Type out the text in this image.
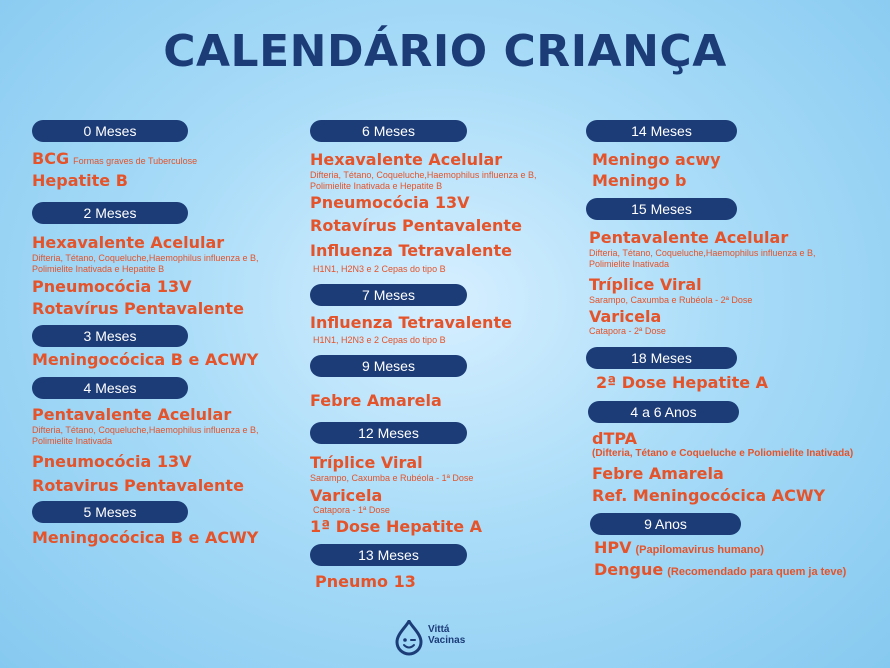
CALENDÁRIO CRIANÇA
0 Meses
BCG Formas graves de Tuberculose
Hepatite B
2 Meses
Hexavalente Acelular
Difteria, Tétano, Coqueluche,Haemophilus influenza e B,
Polimielite Inativada e Hepatite B
Pneumocócia 13V
Rotavírus Pentavalente
3 Meses
Meningocócica B e ACWY
4 Meses
Pentavalente Acelular
Difteria, Tétano, Coqueluche,Haemophilus influenza e B,
Polimielite Inativada
Pneumocócia 13V
Rotavirus Pentavalente
5 Meses
Meningocócica B e ACWY
6 Meses
Hexavalente Acelular
Difteria, Tétano, Coqueluche,Haemophilus influenza e B,
Polimielite Inativada e Hepatite B
Pneumocócia 13V
Rotavírus Pentavalente
Influenza Tetravalente
H1N1, H2N3 e 2 Cepas do tipo B
7 Meses
Influenza Tetravalente
H1N1, H2N3 e 2 Cepas do tipo B
9 Meses
Febre Amarela
12 Meses
Tríplice Viral
Sarampo, Caxumba e Rubéola - 1ª Dose
Varicela
Catapora - 1ª Dose
1ª Dose Hepatite A
13 Meses
Pneumo 13
14 Meses
Meningo acwy
Meningo b
15 Meses
Pentavalente Acelular
Difteria, Tétano, Coqueluche,Haemophilus influenza e B,
Polimielite Inativada
Tríplice Viral
Sarampo, Caxumba e Rubéola - 2ª Dose
Varicela
Catapora - 2ª Dose
18 Meses
2ª Dose Hepatite A
4 a 6 Anos
dTPA
(Difteria, Tétano e Coqueluche e Poliomielite Inativada)
Febre Amarela
Ref. Meningocócica ACWY
9 Anos
HPV (Papilomavirus humano)
Dengue (Recomendado para quem ja teve)
Vittá
Vacinas
